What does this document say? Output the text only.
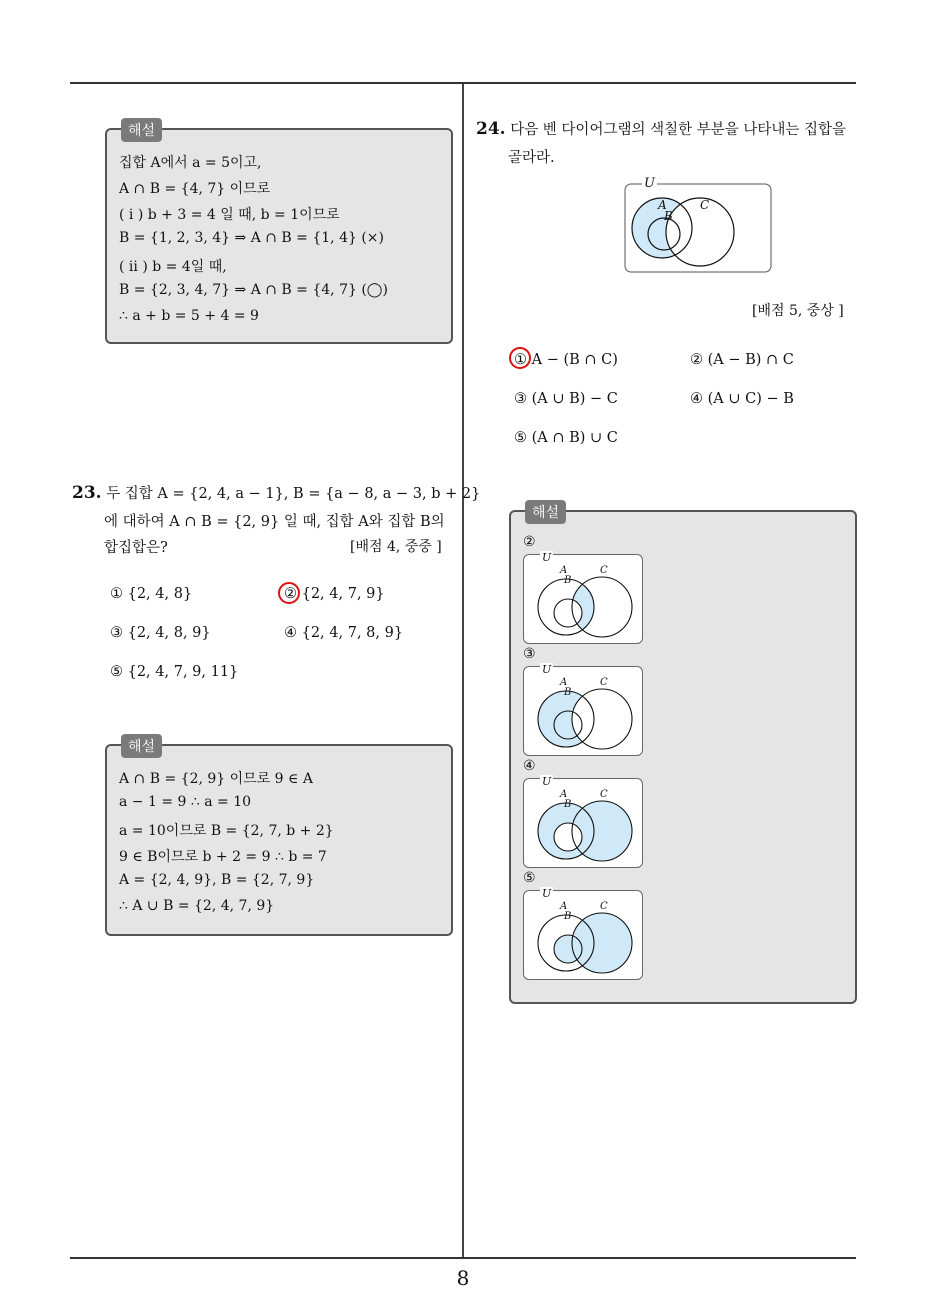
해설
집합 A에서 a = 5이고,
A ∩ B = {4, 7} 이므로
( i ) b + 3 = 4 일 때, b = 1이므로
B = {1, 2, 3, 4} ⇒ A ∩ B = {1, 4} (×)
( ii ) b = 4일 때,
B = {2, 3, 4, 7} ⇒ A ∩ B = {4, 7} (◯)
∴ a + b = 5 + 4 = 9
23. 두 집합 A = {2, 4, a − 1}, B = {a − 8, a − 3, b + 2}
에 대하여 A ∩ B = {2, 9} 일 때, 집합 A와 집합 B의
합집합은?	[배점 4, 중중 ]
① {2, 4, 8}	② {2, 4, 7, 9}
③ {2, 4, 8, 9}	④ {2, 4, 7, 8, 9}
⑤ {2, 4, 7, 9, 11}
해설
A ∩ B = {2, 9} 이므로 9 ∈ A
a − 1 = 9 ∴ a = 10
a = 10이므로 B = {2, 7, b + 2}
9 ∈ B이므로 b + 2 = 9 ∴ b = 7
A = {2, 4, 9}, B = {2, 7, 9}
∴ A ∪ B = {2, 4, 7, 9}
24. 다음 벤 다이어그램의 색칠한 부분을 나타내는 집합을
골라라.
U
A
B
C
[배점 5, 중상 ]
① A − (B ∩ C)	② (A − B) ∩ C
③ (A ∪ B) − C	④ (A ∪ C) − B
⑤ (A ∩ B) ∪ C
해설
②
U
A
B
C
③
U
A
B
C
④
U
A
B
C
⑤
U
A
B
C
8
